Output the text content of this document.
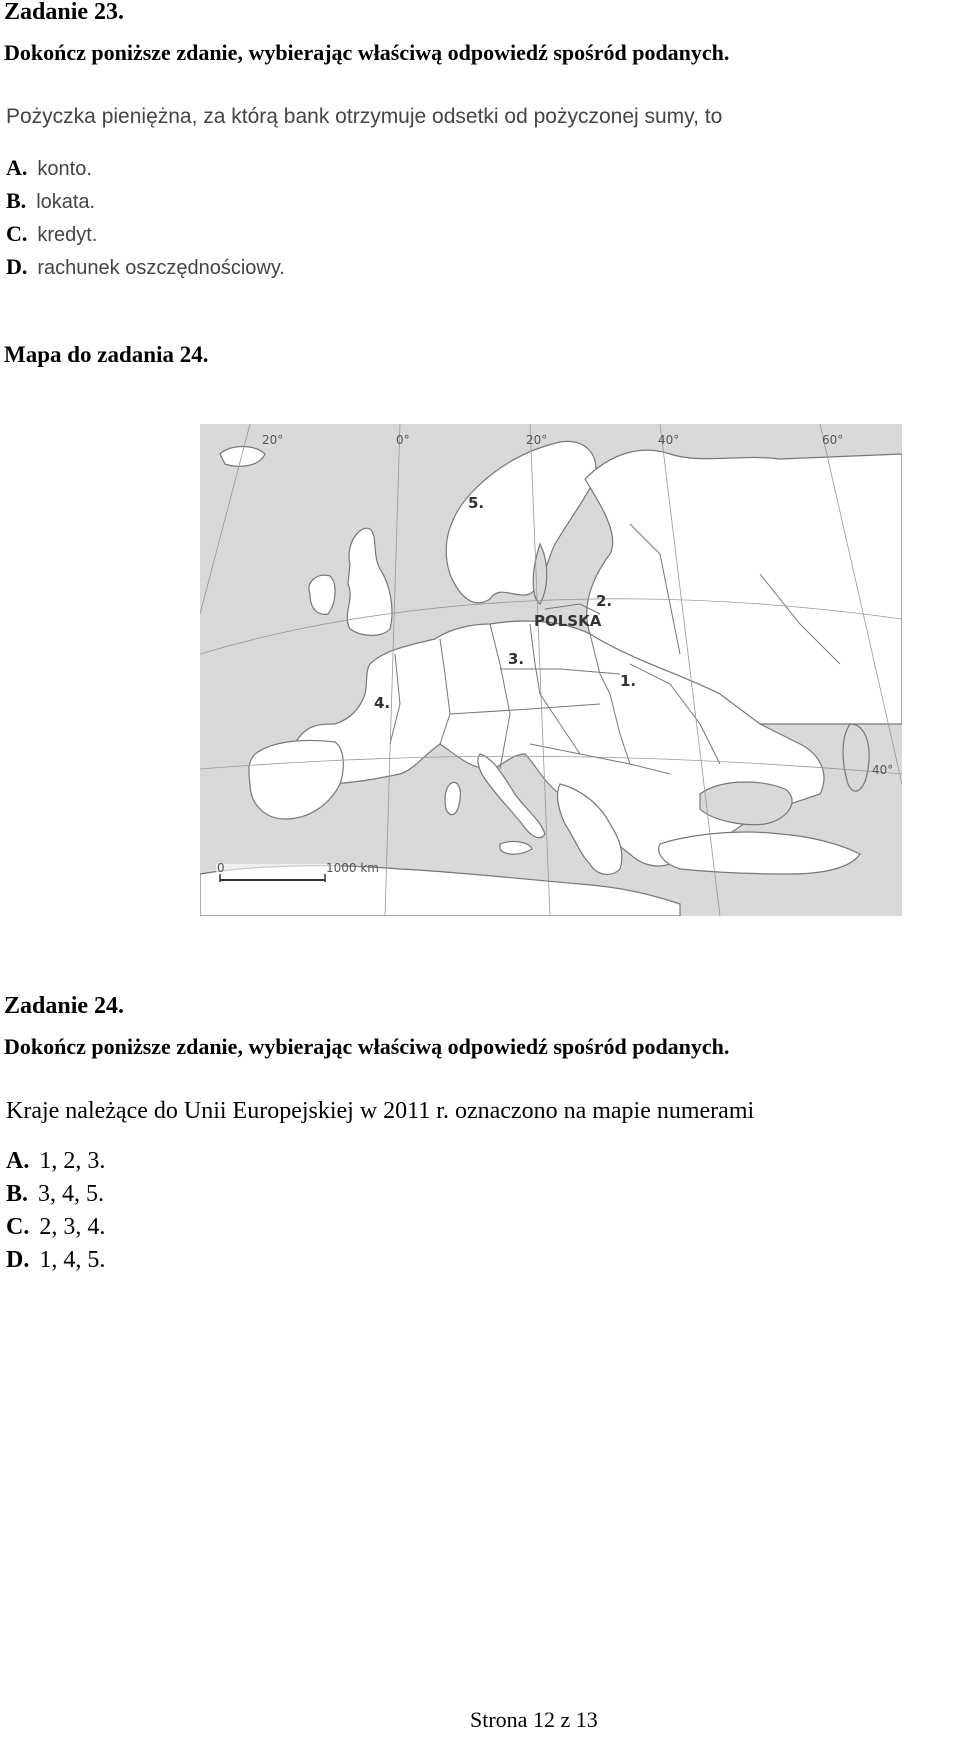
Zadanie 23.
Dokończ poniższe zdanie, wybierając właściwą odpowiedź spośród podanych.
Pożyczka pieniężna, za którą bank otrzymuje odsetki od pożyczonej sumy, to
A. konto.
B. lokata.
C. kredyt.
D. rachunek oszczędnościowy.
Mapa do zadania 24.
20°	0°	20°	40°	60°
40°
5.
2.
3.
1.
4.
POLSKA
0	1000 km
Zadanie 24.
Dokończ poniższe zdanie, wybierając właściwą odpowiedź spośród podanych.
Kraje należące do Unii Europejskiej w 2011 r. oznaczono na mapie numerami
A. 1, 2, 3.
B. 3, 4, 5.
C. 2, 3, 4.
D. 1, 4, 5.
Strona 12 z 13
